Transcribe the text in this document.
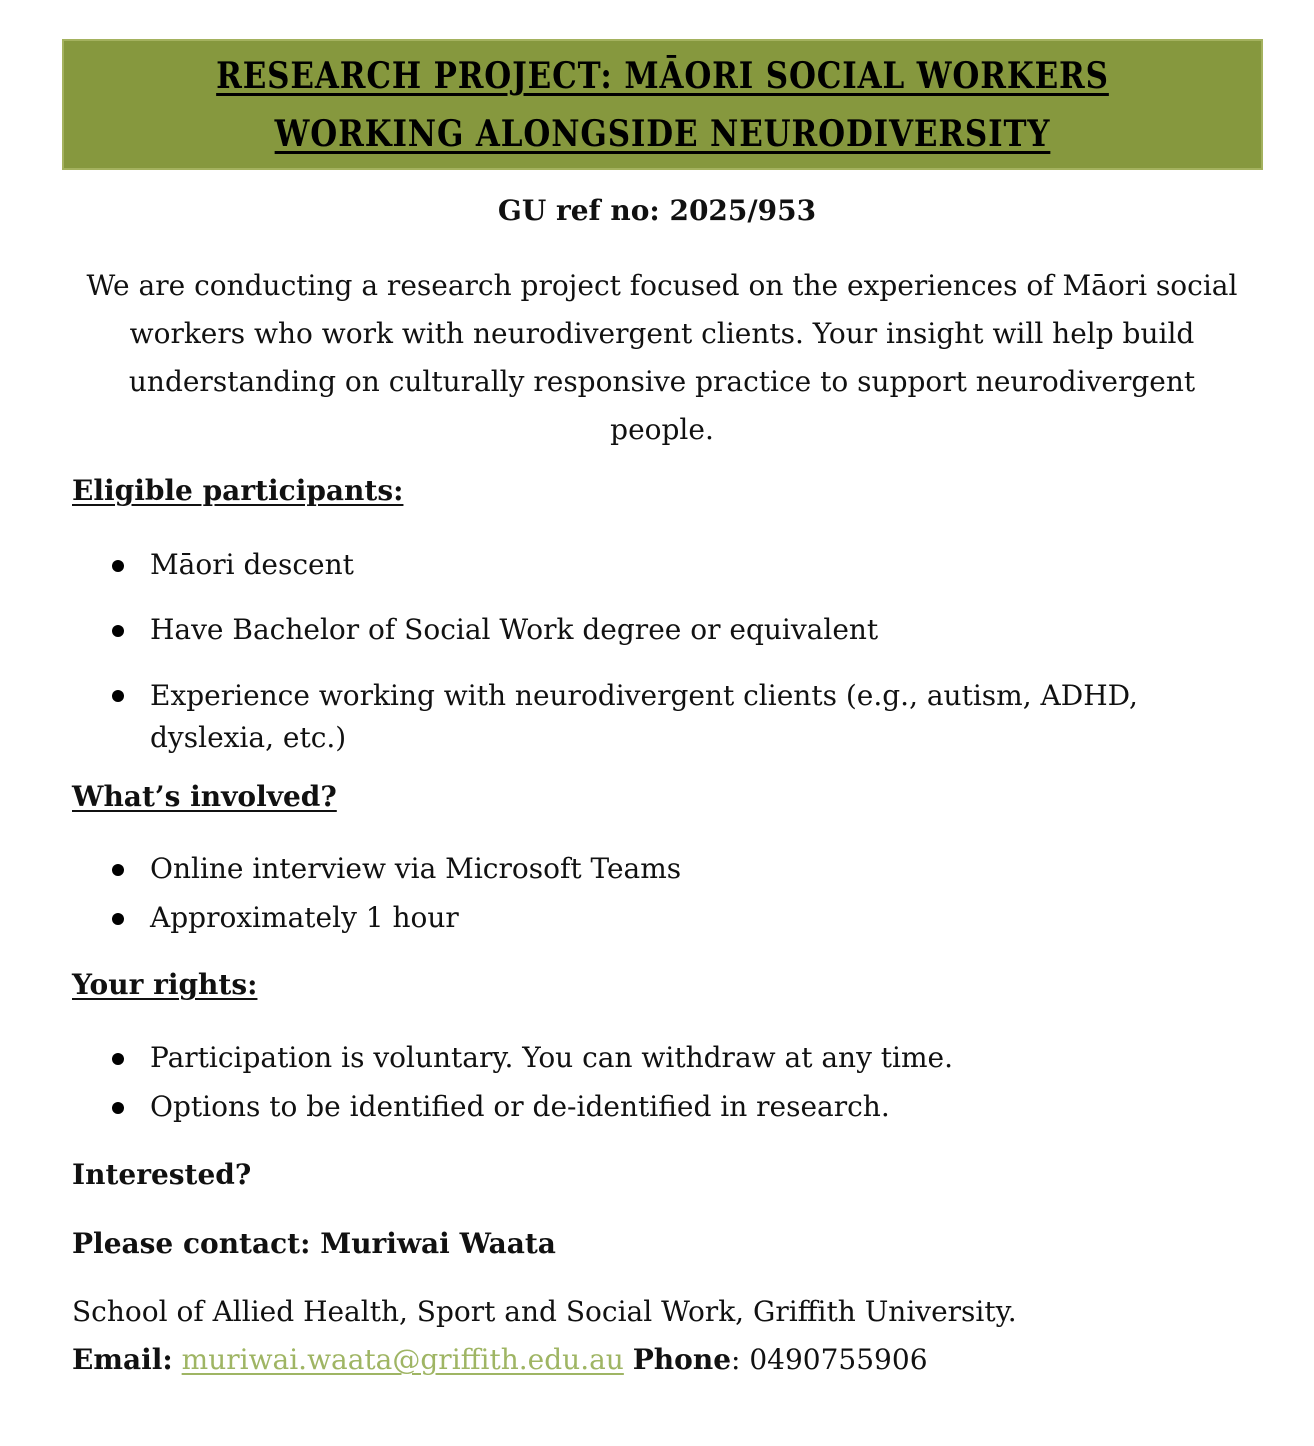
RESEARCH PROJECT: MĀORI SOCIAL WORKERS
WORKING ALONGSIDE NEURODIVERSITY
GU ref no: 2025/953
We are conducting a research project focused on the experiences of Māori social workers who work with neurodivergent clients. Your insight will help build understanding on culturally responsive practice to support neurodivergent people.
Eligible participants:
Māori descent
Have Bachelor of Social Work degree or equivalent
Experience working with neurodivergent clients (e.g., autism, ADHD, dyslexia, etc.)
What’s involved?
Online interview via Microsoft Teams
Approximately 1 hour
Your rights:
Participation is voluntary. You can withdraw at any time.
Options to be identified or de-identified in research.
Interested?
Please contact: Muriwai Waata
School of Allied Health, Sport and Social Work, Griffith University.
Email: muriwai.waata@griffith.edu.au Phone: 0490755906
